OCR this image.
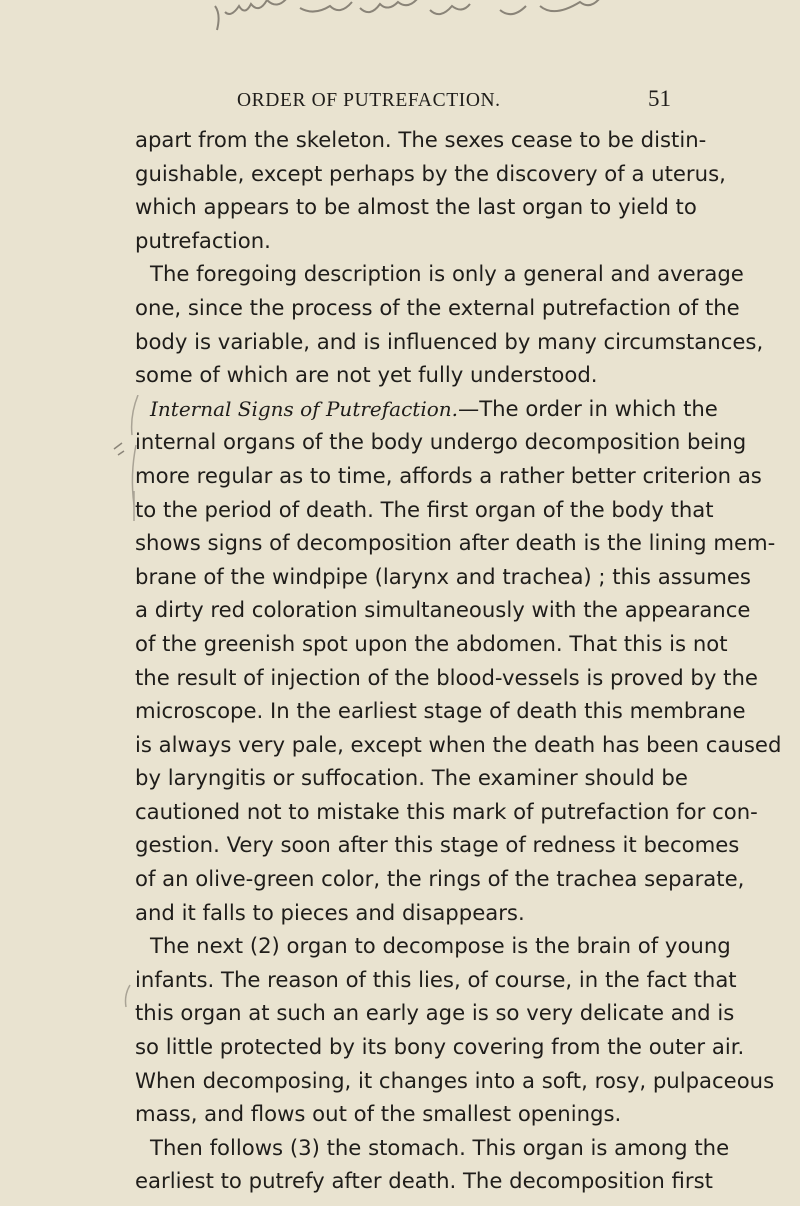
ORDER OF PUTREFACTION.	51
apart from the skeleton. The sexes cease to be distin-
guishable, except perhaps by the discovery of a uterus,
which appears to be almost the last organ to yield to
putrefaction.
The foregoing description is only a general and average
one, since the process of the external putrefaction of the
body is variable, and is influenced by many circumstances,
some of which are not yet fully understood.
Internal Signs of Putrefaction.—The order in which the
internal organs of the body undergo decomposition being
more regular as to time, affords a rather better criterion as
to the period of death. The first organ of the body that
shows signs of decomposition after death is the lining mem-
brane of the windpipe (larynx and trachea) ; this assumes
a dirty red coloration simultaneously with the appearance
of the greenish spot upon the abdomen. That this is not
the result of injection of the blood-vessels is proved by the
microscope. In the earliest stage of death this membrane
is always very pale, except when the death has been caused
by laryngitis or suffocation. The examiner should be
cautioned not to mistake this mark of putrefaction for con-
gestion. Very soon after this stage of redness it becomes
of an olive-green color, the rings of the trachea separate,
and it falls to pieces and disappears.
The next (2) organ to decompose is the brain of young
infants. The reason of this lies, of course, in the fact that
this organ at such an early age is so very delicate and is
so little protected by its bony covering from the outer air.
When decomposing, it changes into a soft, rosy, pulpaceous
mass, and flows out of the smallest openings.
Then follows (3) the stomach. This organ is among the
earliest to putrefy after death. The decomposition first
